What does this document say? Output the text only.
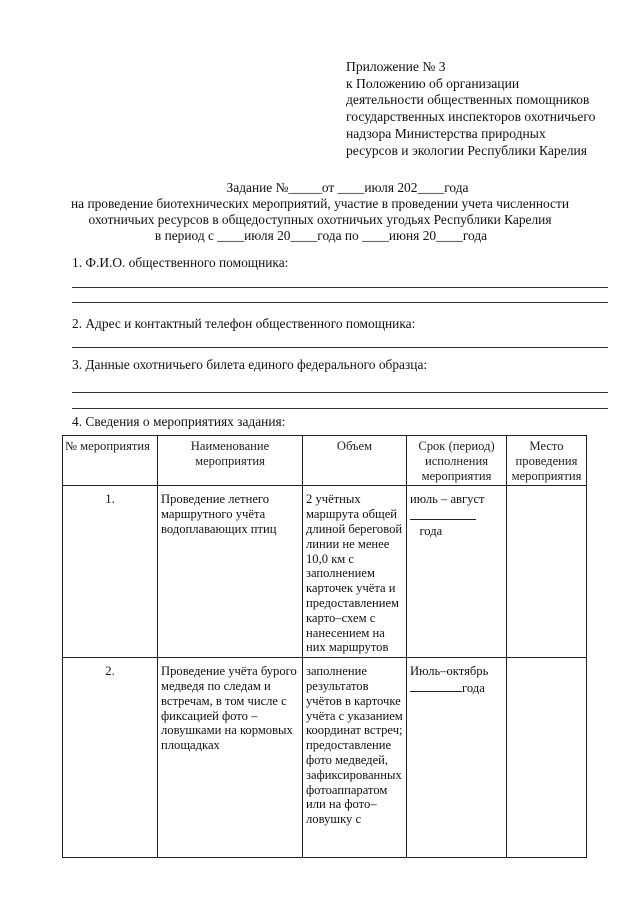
Приложение № 3
к Положению об организации
деятельности общественных помощников
государственных инспекторов охотничьего
надзора Министерства природных
ресурсов и экологии Республики Карелия
Задание №_____от ____июля 202____года
на проведение биотехнических мероприятий, участие в проведении учета численности
охотничьих ресурсов в общедоступных охотничьих угодьях Республики Карелия
в период с ____июля 20____года по ____июня 20____года
1. Ф.И.О. общественного помощника:
2. Адрес и контактный телефон общественного помощника:
3. Данные охотничьего билета единого федерального образца:
4. Сведения о мероприятиях задания:
№ мероприятия	Наименование мероприятия	Объем	Срок (период) исполнения мероприятия	Место проведения мероприятия
1.	Проведение летнего маршрутного учёта водоплавающих птиц	2 учётных маршрута общей длиной береговой линии не менее 10,0 км с заполнением карточек учёта и предоставлением карто–схем с нанесением на них маршрутов	июль – август
года	

2.	Проведение учёта бурого медведя по следам и встречам, в том числе с фиксацией фото – ловушками на кормовых площадках	заполнение результатов учётов в карточке учёта с указанием координат встреч; предоставление фото медведей, зафиксированных фотоаппаратом или на фото–ловушку с	Июль–октябрь
года	
